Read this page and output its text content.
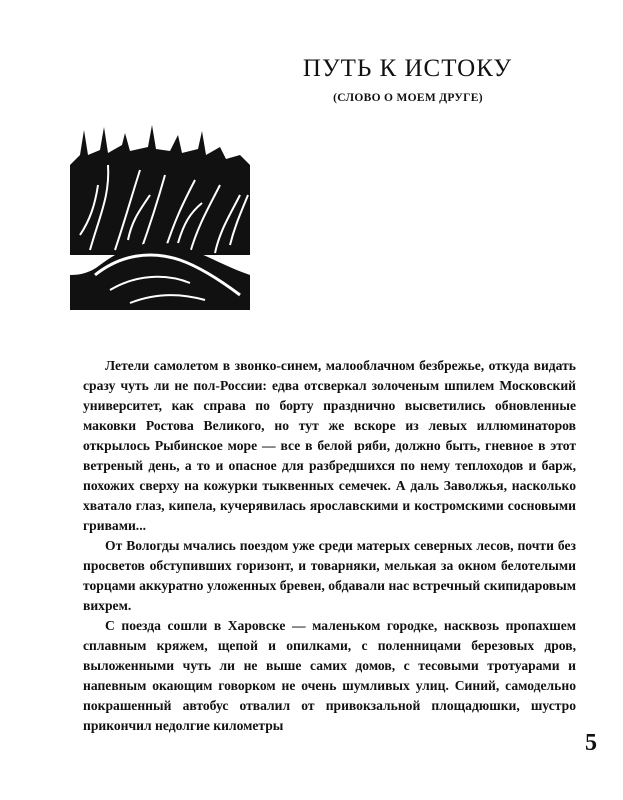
ПУТЬ К ИСТОКУ
(СЛОВО О МОЕМ ДРУГЕ)

Летели самолетом в звонко-синем, малооблачном безбрежье, откуда видать сразу чуть ли не пол-России: едва отсверкал золоченым шпилем Московский университет, как справа по борту празднично высветились обновленные маковки Ростова Великого, но тут же вскоре из левых иллюминаторов открылось Рыбинское море — все в белой ряби, должно быть, гневное в этот ветреный день, а то и опасное для разбредшихся по нему теплоходов и барж, похожих сверху на кожурки тыквенных семечек. А даль Заволжья, насколько хватало глаз, кипела, кучерявилась ярославскими и костромскими сосновыми гривами...

От Вологды мчались поездом уже среди матерых северных лесов, почти без просветов обступивших горизонт, и товарняки, мелькая за окном белотелыми торцами аккуратно уложенных бревен, обдавали нас встречный скипидаровым вихрем.

С поезда сошли в Харовске — маленьком городке, насквозь пропахшем сплавным кряжем, щепой и опилками, с поленницами березовых дров, выложенными чуть ли не выше самих домов, с тесовыми тротуарами и напевным окающим говорком не очень шумливых улиц. Синий, самодельно покрашенный автобус отвалил от привокзальной площадюшки, шустро прикончил недолгие километры

5
